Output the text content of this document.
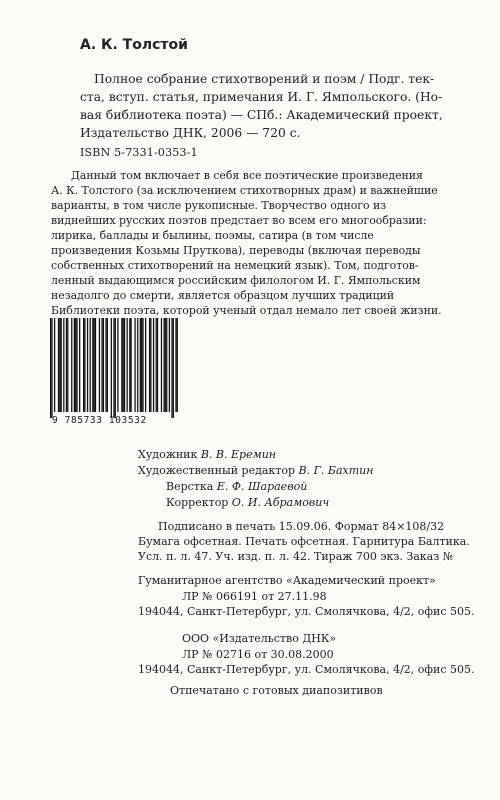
А. К. Толстой
Полное собрание стихотворений и поэм / Подг. тек-
ста, вступ. статья, примечания И. Г. Ямпольского. (Но-
вая библиотека поэта) — СПб.: Академический проект,
Издательство ДНК, 2006 — 720 с.
ISBN 5-7331-0353-1
Данный том включает в себя все поэтические произведения
А. К. Толстого (за исключением стихотворных драм) и важнейшие
варианты, в том числе рукописные. Творчество одного из
виднейших русских поэтов предстает во всем его многообразии:
лирика, баллады и былины, поэмы, сатира (в том числе
произведения Козьмы Пруткова), переводы (включая переводы
собственных стихотворений на немецкий язык). Том, подготов-
ленный выдающимся российским филологом И. Г. Ямпольским
незадолго до смерти, является образцом лучших традиций
Библиотеки поэта, которой ученый отдал немало лет своей жизни.
9 785733 103532
Художник В. В. Еремин
Художественный редактор В. Г. Бахтин
Верстка Е. Ф. Шараевой
Корректор О. И. Абрамович
Подписано в печать 15.09.06. Формат 84×108/32
Бумага офсетная. Печать офсетная. Гарнитура Балтика.
Усл. п. л. 47. Уч. изд. п. л. 42. Тираж 700 экз. Заказ №
Гуманитарное агентство «Академический проект»
ЛР № 066191 от 27.11.98
194044, Санкт-Петербург, ул. Смолячкова, 4/2, офис 505.
ООО «Издательство ДНК»
ЛР № 02716 от 30.08.2000
194044, Санкт-Петербург, ул. Смолячкова, 4/2, офис 505.
Отпечатано с готовых диапозитивов
